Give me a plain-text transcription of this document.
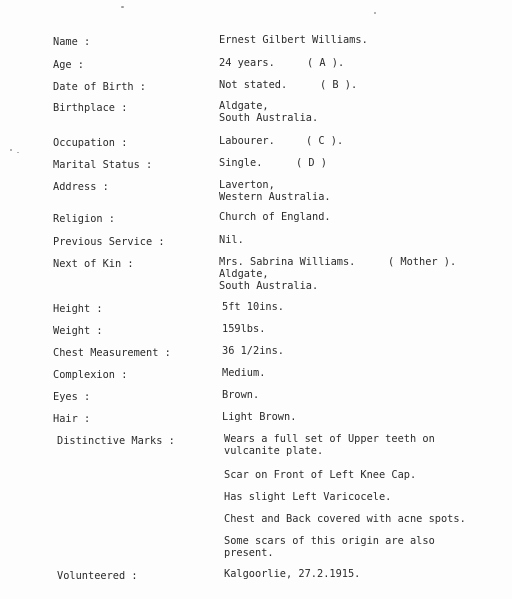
Name :	Ernest Gilbert Williams.
Age :	24 years.	( A ).
Date of Birth :	Not stated.	( B ).
Birthplace :	Aldgate,
South Australia.
Occupation :	Labourer.	( C ).
Marital Status :	Single.	( D )
Address :	Laverton,
Western Australia.
Religion :	Church of England.
Previous Service :	Nil.
Next of Kin :	Mrs. Sabrina Williams.	( Mother ).
Aldgate,
South Australia.
Height :	5ft 10ins.
Weight :	159lbs.
Chest Measurement :	36 1/2ins.
Complexion :	Medium.
Eyes :	Brown.
Hair :	Light Brown.
Distinctive Marks :	Wears a full set of Upper teeth on
vulcanite plate.
Scar on Front of Left Knee Cap.
Has slight Left Varicocele.
Chest and Back covered with acne spots.
Some scars of this origin are also
present.
Volunteered :	Kalgoorlie, 27.2.1915.
